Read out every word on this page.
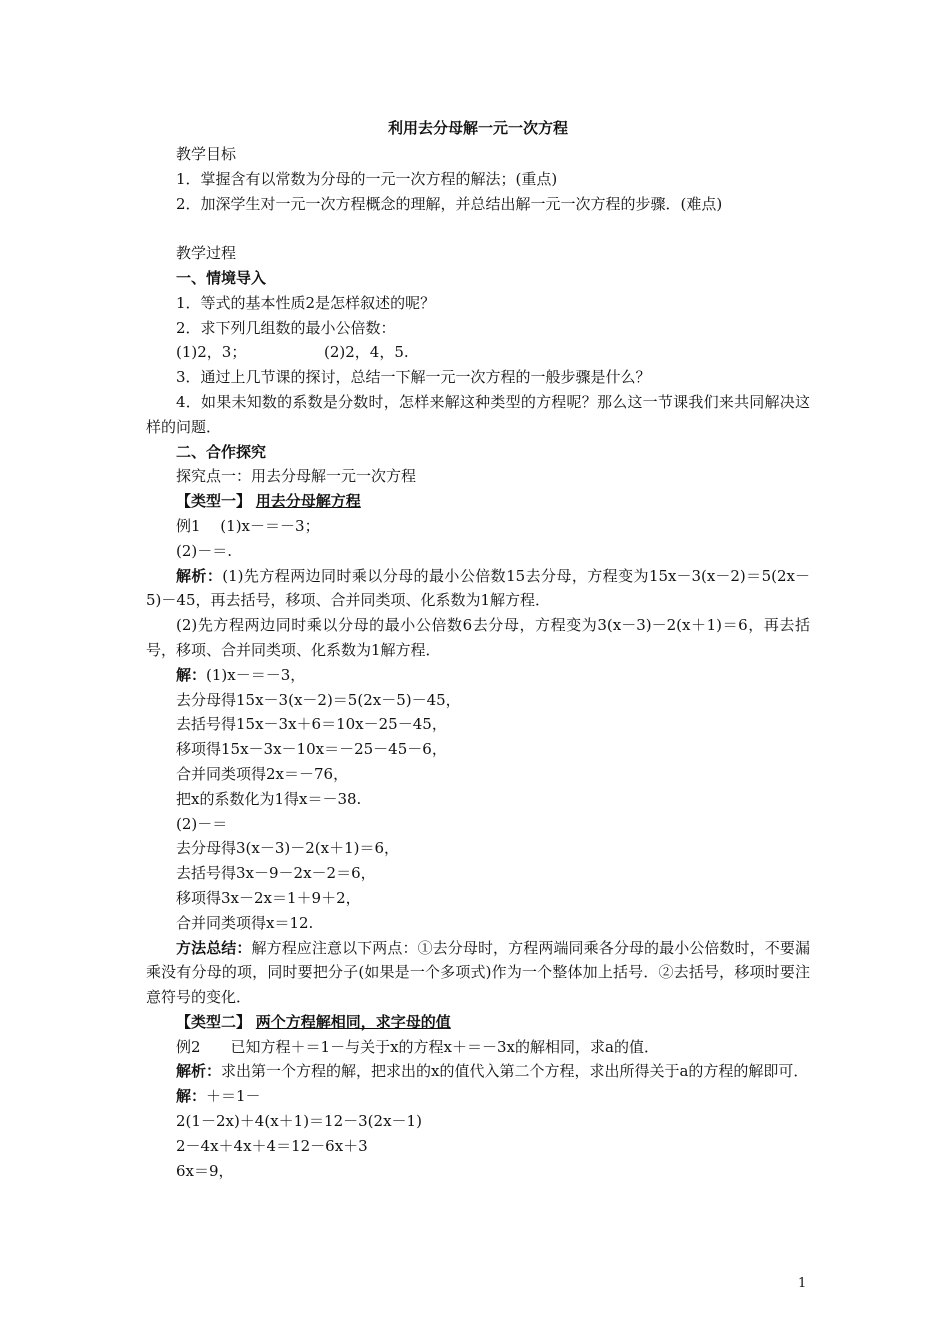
利用去分母解一元一次方程
教学目标
1．掌握含有以常数为分母的一元一次方程的解法；(重点)
2．加深学生对一元一次方程概念的理解，并总结出解一元一次方程的步骤．(难点)
教学过程
一、情境导入
1．等式的基本性质2是怎样叙述的呢？
2．求下列几组数的最小公倍数：
(1)2，3；	(2)2，4，5.
3．通过上几节课的探讨，总结一下解一元一次方程的一般步骤是什么？
4．如果未知数的系数是分数时，怎样来解这种类型的方程呢？那么这一节课我们来共同解决这样的问题．
二、合作探究
探究点一：用去分母解一元一次方程
【类型一】 用去分母解方程
例1　 (1)x－＝－3；
(2)－＝.
解析：(1)先方程两边同时乘以分母的最小公倍数15去分母，方程变为15x－3(x－2)＝5(2x－5)－45，再去括号，移项、合并同类项、化系数为1解方程．
(2)先方程两边同时乘以分母的最小公倍数6去分母，方程变为3(x－3)－2(x＋1)＝6，再去括号，移项、合并同类项、化系数为1解方程．
解：(1)x－＝－3，
去分母得15x－3(x－2)＝5(2x－5)－45，
去括号得15x－3x＋6＝10x－25－45，
移项得15x－3x－10x＝－25－45－6，
合并同类项得2x＝－76，
把x的系数化为1得x＝－38.
(2)－＝
去分母得3(x－3)－2(x＋1)＝6，
去括号得3x－9－2x－2＝6，
移项得3x－2x＝1＋9＋2，
合并同类项得x＝12.
方法总结：解方程应注意以下两点：①去分母时，方程两端同乘各分母的最小公倍数时，不要漏乘没有分母的项，同时要把分子(如果是一个多项式)作为一个整体加上括号．②去括号，移项时要注意符号的变化．
【类型二】 两个方程解相同，求字母的值
例2　　已知方程＋＝1－与关于x的方程x＋＝－3x的解相同，求a的值．
解析：求出第一个方程的解，把求出的x的值代入第二个方程，求出所得关于a的方程的解即可．
解：＋＝1－
2(1－2x)＋4(x＋1)＝12－3(2x－1)
2－4x＋4x＋4＝12－6x＋3
6x＝9，
1
